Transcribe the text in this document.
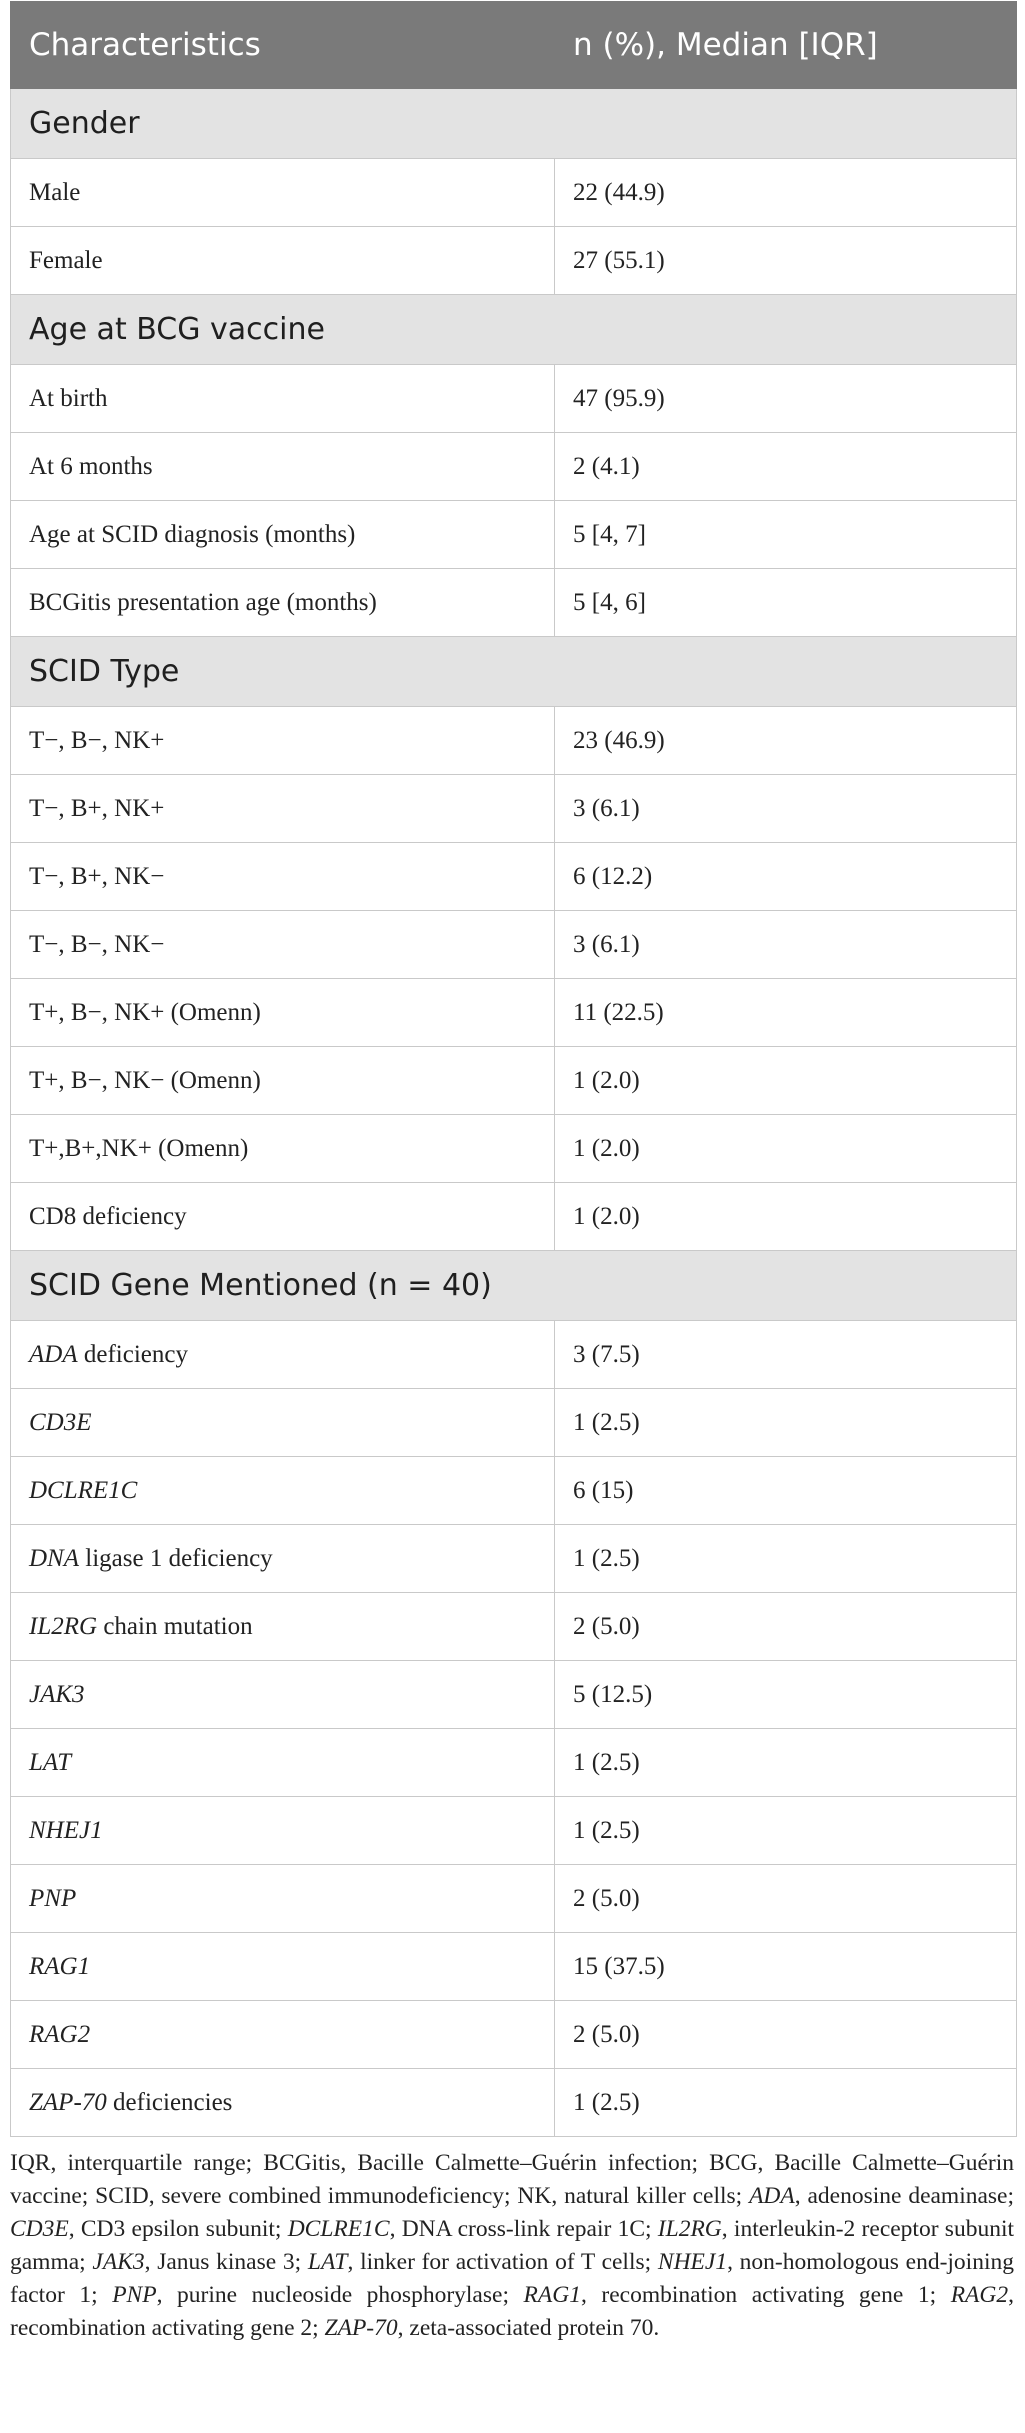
Characteristics	n (%), Median [IQR]
Gender	
Male	22 (44.9)
Female	27 (55.1)
Age at BCG vaccine	
At birth	47 (95.9)
At 6 months	2 (4.1)
Age at SCID diagnosis (months)	5 [4, 7]
BCGitis presentation age (months)	5 [4, 6]
SCID Type	
T−, B−, NK+	23 (46.9)
T−, B+, NK+	3 (6.1)
T−, B+, NK−	6 (12.2)
T−, B−, NK−	3 (6.1)
T+, B−, NK+ (Omenn)	11 (22.5)
T+, B−, NK− (Omenn)	1 (2.0)
T+,B+,NK+ (Omenn)	1 (2.0)
CD8 deficiency	1 (2.0)
SCID Gene Mentioned (n = 40)	
ADA deficiency	3 (7.5)
CD3E	1 (2.5)
DCLRE1C	6 (15)
DNA ligase 1 deficiency	1 (2.5)
IL2RG chain mutation	2 (5.0)
JAK3	5 (12.5)
LAT	1 (2.5)
NHEJ1	1 (2.5)
PNP	2 (5.0)
RAG1	15 (37.5)
RAG2	2 (5.0)
ZAP-70 deficiencies	1 (2.5)

IQR, interquartile range; BCGitis, Bacille Calmette–Guérin infection; BCG, Bacille Calmette–Guérin vaccine; SCID, severe combined immunodeficiency; NK, natural killer cells; ADA, adenosine deaminase; CD3E, CD3 epsilon subunit; DCLRE1C, DNA cross-link repair 1C; IL2RG, interleukin-2 receptor subunit gamma; JAK3, Janus kinase 3; LAT, linker for activation of T cells; NHEJ1, non-homologous end-joining factor 1; PNP, purine nucleoside phosphorylase; RAG1, recombination activating gene 1; RAG2, recombination activating gene 2; ZAP-70, zeta-associated protein 70.
